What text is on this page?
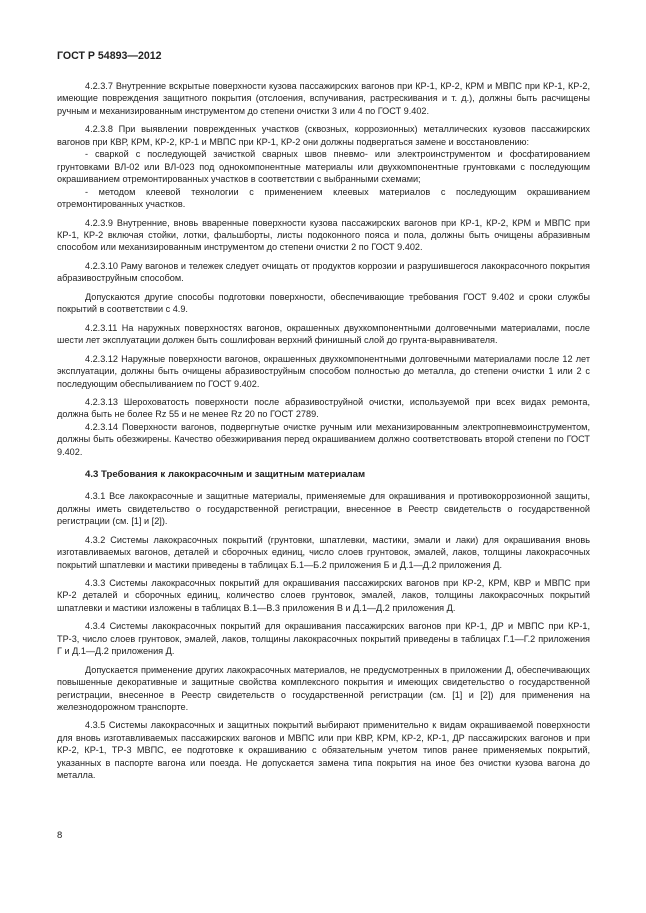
ГОСТ Р 54893—2012

4.2.3.7 Внутренние вскрытые поверхности кузова пассажирских вагонов при КР-1, КР-2, КРМ и МВПС при КР-1, КР-2, имеющие повреждения защитного покрытия (отслоения, вспучивания, растрескивания и т. д.), должны быть расчищены ручным и механизированным инструментом до степени очистки 3 или 4 по ГОСТ 9.402.

4.2.3.8 При выявлении поврежденных участков (сквозных, коррозионных) металлических кузовов пассажирских вагонов при КВР, КРМ, КР-2, КР-1 и МВПС при КР-1, КР-2 они должны подвергаться замене и восстановлению:

- сваркой с последующей зачисткой сварных швов пневмо- или электроинструментом и фосфатированием грунтовками ВЛ-02 или ВЛ-023 под однокомпонентные материалы или двухкомпонентные грунтовками с последующим окрашиванием отремонтированных участков в соответствии с выбранными схемами;

- методом клеевой технологии с применением клеевых материалов с последующим окрашиванием отремонтированных участков.

4.2.3.9 Внутренние, вновь вваренные поверхности кузова пассажирских вагонов при КР-1, КР-2, КРМ и МВПС при КР-1, КР-2 включая стойки, лотки, фальшборты, листы подоконного пояса и пола, должны быть очищены абразивным способом или механизированным инструментом до степени очистки 2 по ГОСТ 9.402.

4.2.3.10 Раму вагонов и тележек следует очищать от продуктов коррозии и разрушившегося лакокрасочного покрытия абразивоструйным способом.

Допускаются другие способы подготовки поверхности, обеспечивающие требования ГОСТ 9.402 и сроки службы покрытий в соответствии с 4.9.

4.2.3.11 На наружных поверхностях вагонов, окрашенных двухкомпонентными долговечными материалами, после шести лет эксплуатации должен быть сошлифован верхний финишный слой до грунта-выравнивателя.

4.2.3.12 Наружные поверхности вагонов, окрашенных двухкомпонентными долговечными материалами после 12 лет эксплуатации, должны быть очищены абразивоструйным способом полностью до металла, до степени очистки 1 или 2 с последующим обеспыливанием по ГОСТ 9.402.

4.2.3.13 Шероховатость поверхности после абразивоструйной очистки, используемой при всех видах ремонта, должна быть не более Rz 55 и не менее Rz 20 по ГОСТ 2789.

4.2.3.14 Поверхности вагонов, подвергнутые очистке ручным или механизированным электропневмоинструментом, должны быть обезжирены. Качество обезжиривания перед окрашиванием должно соответствовать второй степени по ГОСТ 9.402.

4.3 Требования к лакокрасочным и защитным материалам

4.3.1 Все лакокрасочные и защитные материалы, применяемые для окрашивания и противокоррозионной защиты, должны иметь свидетельство о государственной регистрации, внесенное в Реестр свидетельств о государственной регистрации (см. [1] и [2]).

4.3.2 Системы лакокрасочных покрытий (грунтовки, шпатлевки, мастики, эмали и лаки) для окрашивания вновь изготавливаемых вагонов, деталей и сборочных единиц, число слоев грунтовок, эмалей, лаков, толщины лакокрасочных покрытий шпатлевки и мастики приведены в таблицах Б.1—Б.2 приложения Б и Д.1—Д.2 приложения Д.

4.3.3 Системы лакокрасочных покрытий для окрашивания пассажирских вагонов при КР-2, КРМ, КВР и МВПС при КР-2 деталей и сборочных единиц, количество слоев грунтовок, эмалей, лаков, толщины лакокрасочных покрытий шпатлевки и мастики изложены в таблицах В.1—В.3 приложения В и Д.1—Д.2 приложения Д.

4.3.4 Системы лакокрасочных покрытий для окрашивания пассажирских вагонов при КР-1, ДР и МВПС при КР-1, ТР-3, число слоев грунтовок, эмалей, лаков, толщины лакокрасочных покрытий приведены в таблицах Г.1—Г.2 приложения Г и Д.1—Д.2 приложения Д.

Допускается применение других лакокрасочных материалов, не предусмотренных в приложении Д, обеспечивающих повышенные декоративные и защитные свойства комплексного покрытия и имеющих свидетельство о государственной регистрации, внесенное в Реестр свидетельств о государственной регистрации (см. [1] и [2]) для применения на железнодорожном транспорте.

4.3.5 Системы лакокрасочных и защитных покрытий выбирают применительно к видам окрашиваемой поверхности для вновь изготавливаемых пассажирских вагонов и МВПС или при КВР, КРМ, КР-2, КР-1, ДР пассажирских вагонов и при КР-2, КР-1, ТР-3 МВПС, ее подготовке к окрашиванию с обязательным учетом типов ранее применяемых покрытий, указанных в паспорте вагона или поезда. Не допускается замена типа покрытия на иное без очистки кузова вагона до металла.

8
